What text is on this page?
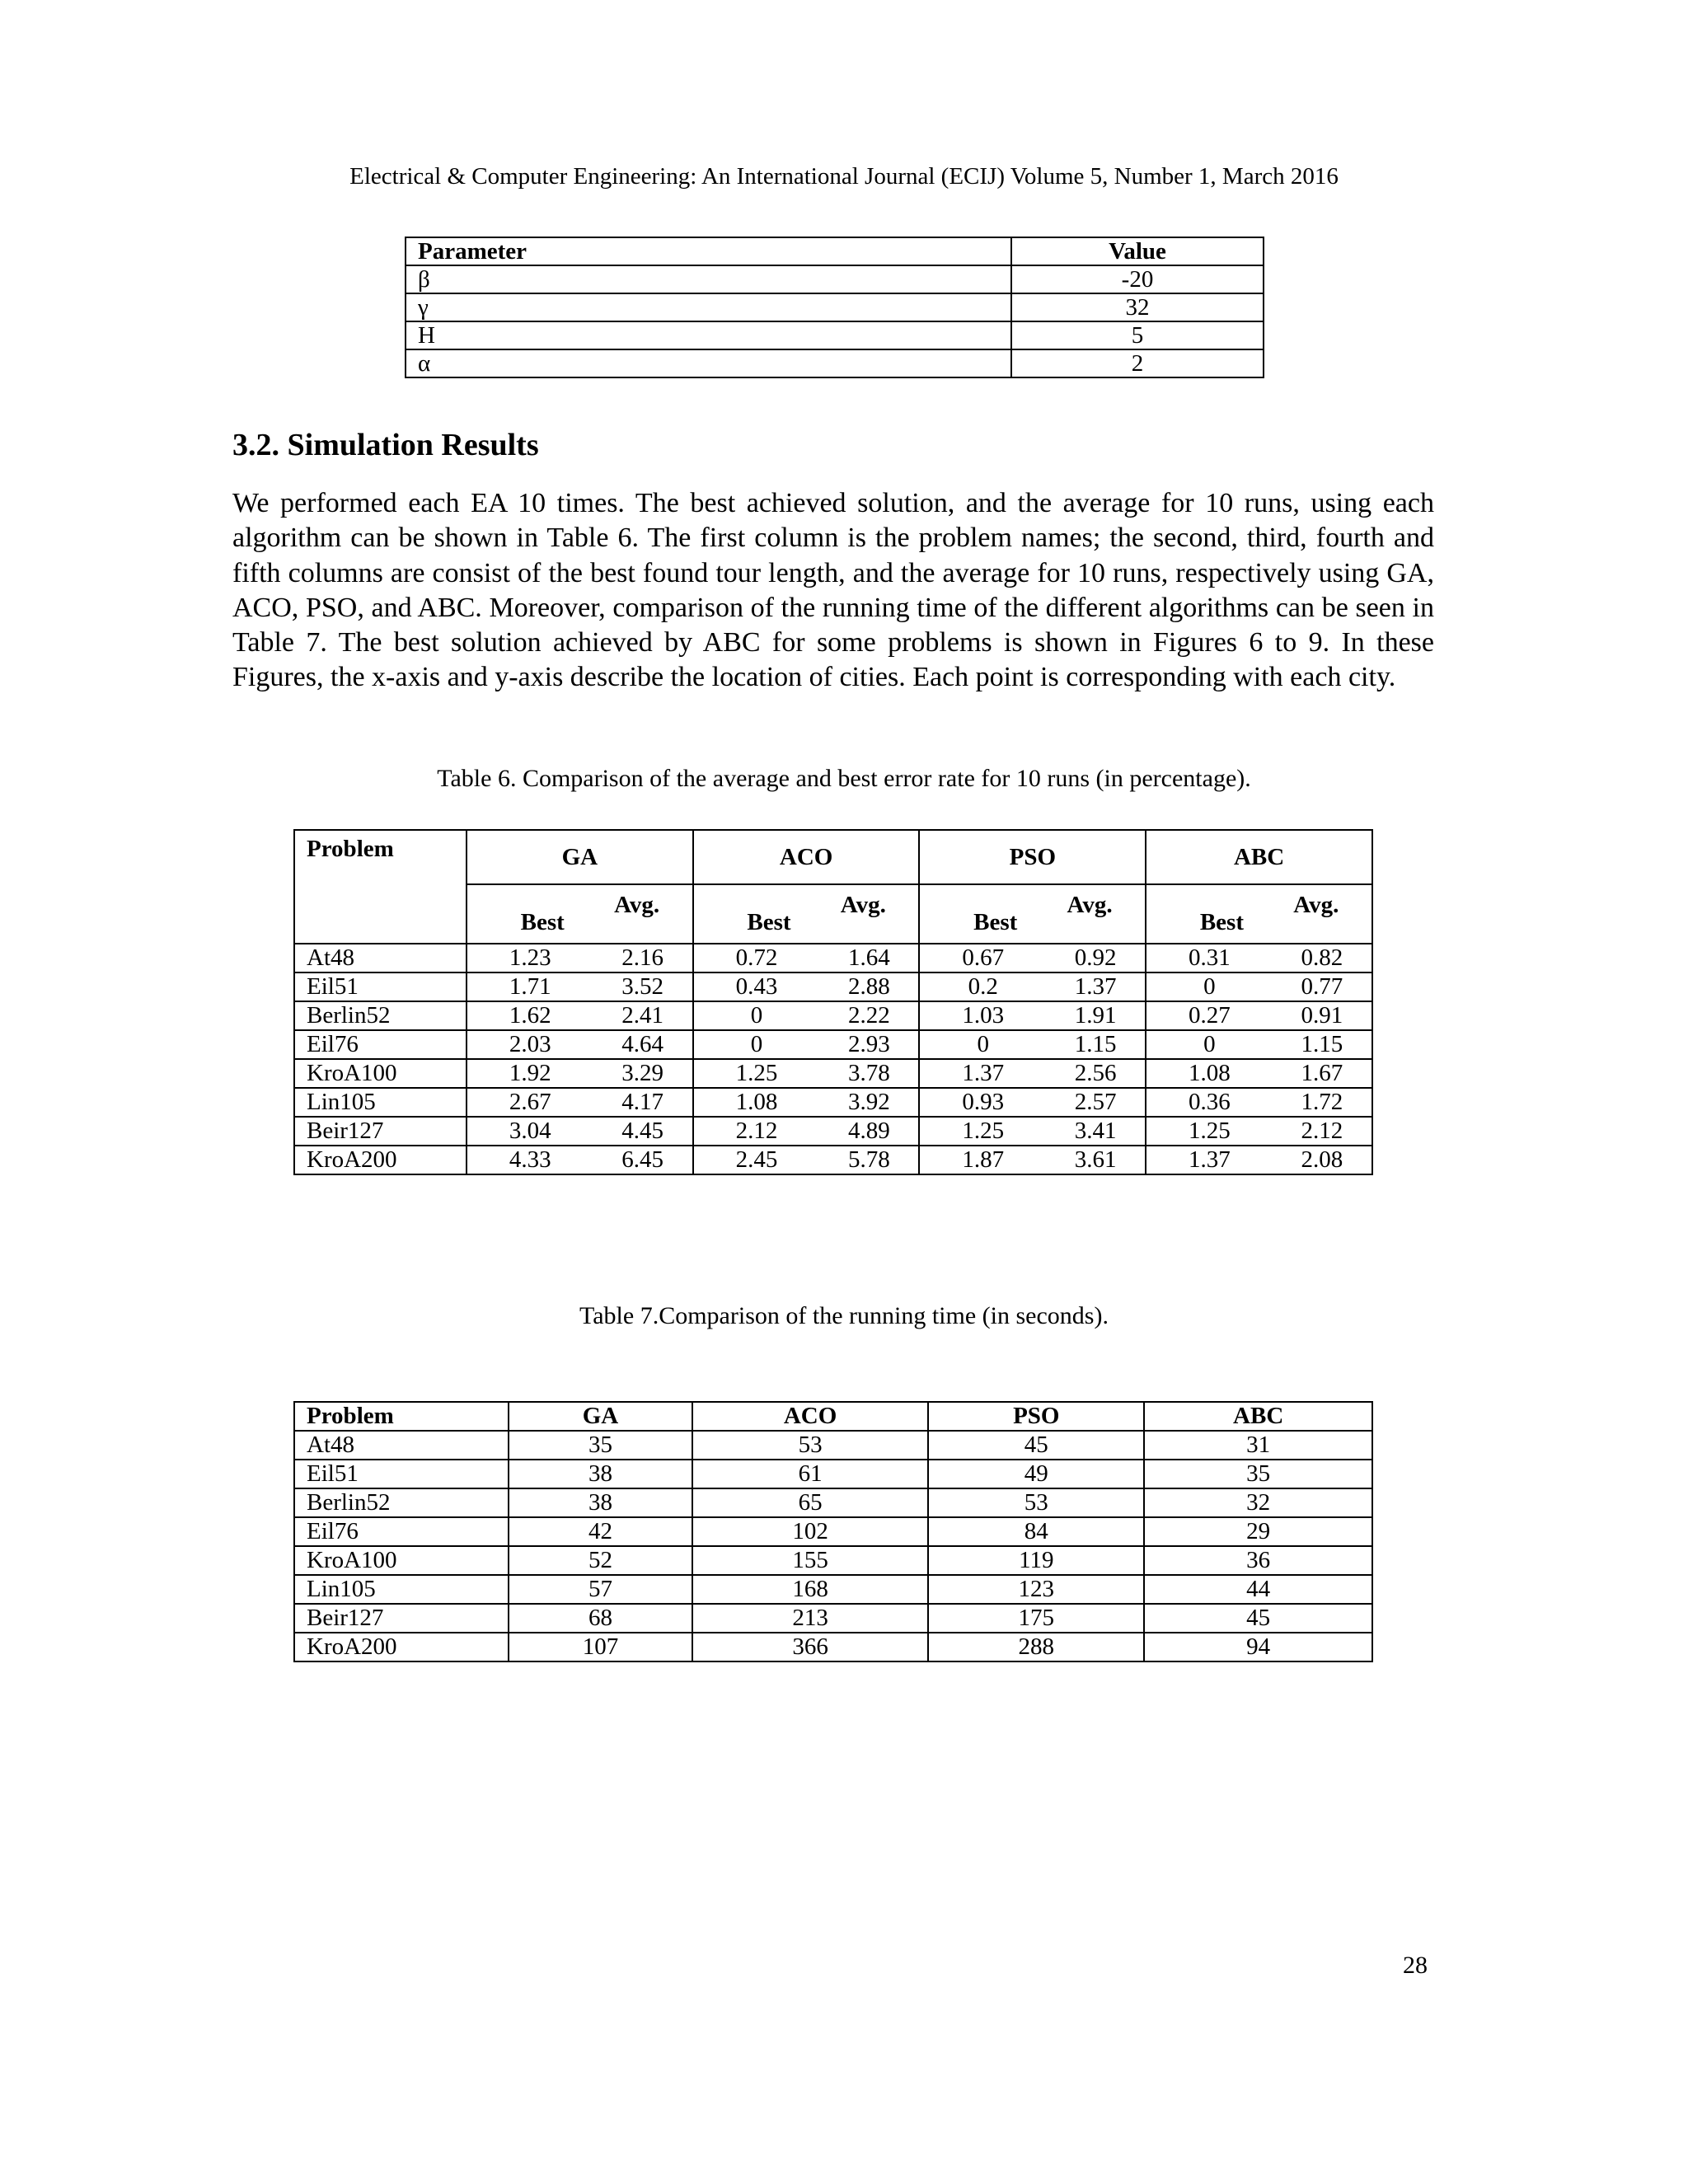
Electrical & Computer Engineering: An International Journal (ECIJ) Volume 5, Number 1, March 2016
Parameter	Value
β	-20
γ	32
H	5
α	2
3.2. Simulation Results
We performed each EA 10 times. The best achieved solution, and the average for 10 runs, using each algorithm can be shown in Table 6. The first column is the problem names; the second, third, fourth and fifth columns are consist of the best found tour length, and the average for 10 runs, respectively using GA, ACO, PSO, and ABC. Moreover, comparison of the running time of the different algorithms can be seen in Table 7. The best solution achieved by ABC for some problems is shown in Figures 6 to 9. In these Figures, the x-axis and y-axis describe the location of cities. Each point is corresponding with each city.
Table 6. Comparison of the average and best error rate for 10 runs (in percentage).
Problem	GA		ACO		PSO		ABC	
	Best	Avg.	Best	Avg.	Best	Avg.	Best	Avg.
At48	1.23	2.16	0.72	1.64	0.67	0.92	0.31	0.82
Eil51	1.71	3.52	0.43	2.88	0.2	1.37	0	0.77
Berlin52	1.62	2.41	0	2.22	1.03	1.91	0.27	0.91
Eil76	2.03	4.64	0	2.93	0	1.15	0	1.15
KroA100	1.92	3.29	1.25	3.78	1.37	2.56	1.08	1.67
Lin105	2.67	4.17	1.08	3.92	0.93	2.57	0.36	1.72
Beir127	3.04	4.45	2.12	4.89	1.25	3.41	1.25	2.12
KroA200	4.33	6.45	2.45	5.78	1.87	3.61	1.37	2.08
Table 7.Comparison of the running time (in seconds).
Problem	GA	ACO	PSO	ABC
At48	35	53	45	31
Eil51	38	61	49	35
Berlin52	38	65	53	32
Eil76	42	102	84	29
KroA100	52	155	119	36
Lin105	57	168	123	44
Beir127	68	213	175	45
KroA200	107	366	288	94
28
